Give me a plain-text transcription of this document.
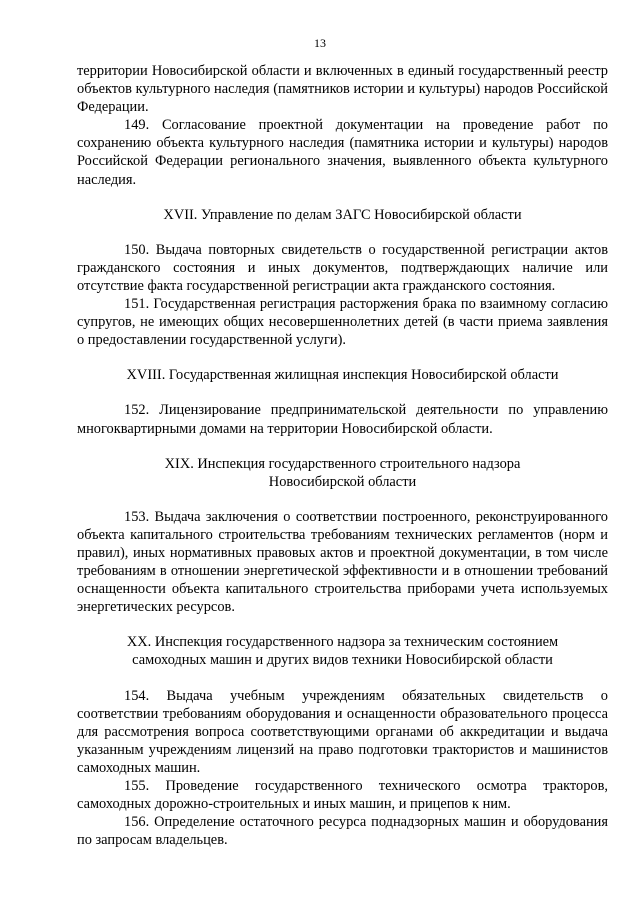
13

территории Новосибирской области и включенных в единый государственный реестр объектов культурного наследия (памятников истории и культуры) народов Российской Федерации.

149. Согласование проектной документации на проведение работ по сохранению объекта культурного наследия (памятника истории и культуры) народов Российской Федерации регионального значения, выявленного объекта культурного наследия.

XVII. Управление по делам ЗАГС Новосибирской области

150. Выдача повторных свидетельств о государственной регистрации актов гражданского состояния и иных документов, подтверждающих наличие или отсутствие факта государственной регистрации акта гражданского состояния.

151. Государственная регистрация расторжения брака по взаимному согласию супругов, не имеющих общих несовершеннолетних детей (в части приема заявления о предоставлении государственной услуги).

XVIII. Государственная жилищная инспекция Новосибирской области

152. Лицензирование предпринимательской деятельности по управлению многоквартирными домами на территории Новосибирской области.

XIX. Инспекция государственного строительного надзора
Новосибирской области

153. Выдача заключения о соответствии построенного, реконструированного объекта капитального строительства требованиям технических регламентов (норм и правил), иных нормативных правовых актов и проектной документации, в том числе требованиям в отношении энергетической эффективности и в отношении требований оснащенности объекта капитального строительства приборами учета используемых энергетических ресурсов.

XX. Инспекция государственного надзора за техническим состоянием
самоходных машин и других видов техники Новосибирской области

154. Выдача учебным учреждениям обязательных свидетельств о соответствии требованиям оборудования и оснащенности образовательного процесса для рассмотрения вопроса соответствующими органами об аккредитации и выдача указанным учреждениям лицензий на право подготовки трактористов и машинистов самоходных машин.

155. Проведение государственного технического осмотра тракторов, самоходных дорожно-строительных и иных машин, и прицепов к ним.

156. Определение остаточного ресурса поднадзорных машин и оборудования по запросам владельцев.
